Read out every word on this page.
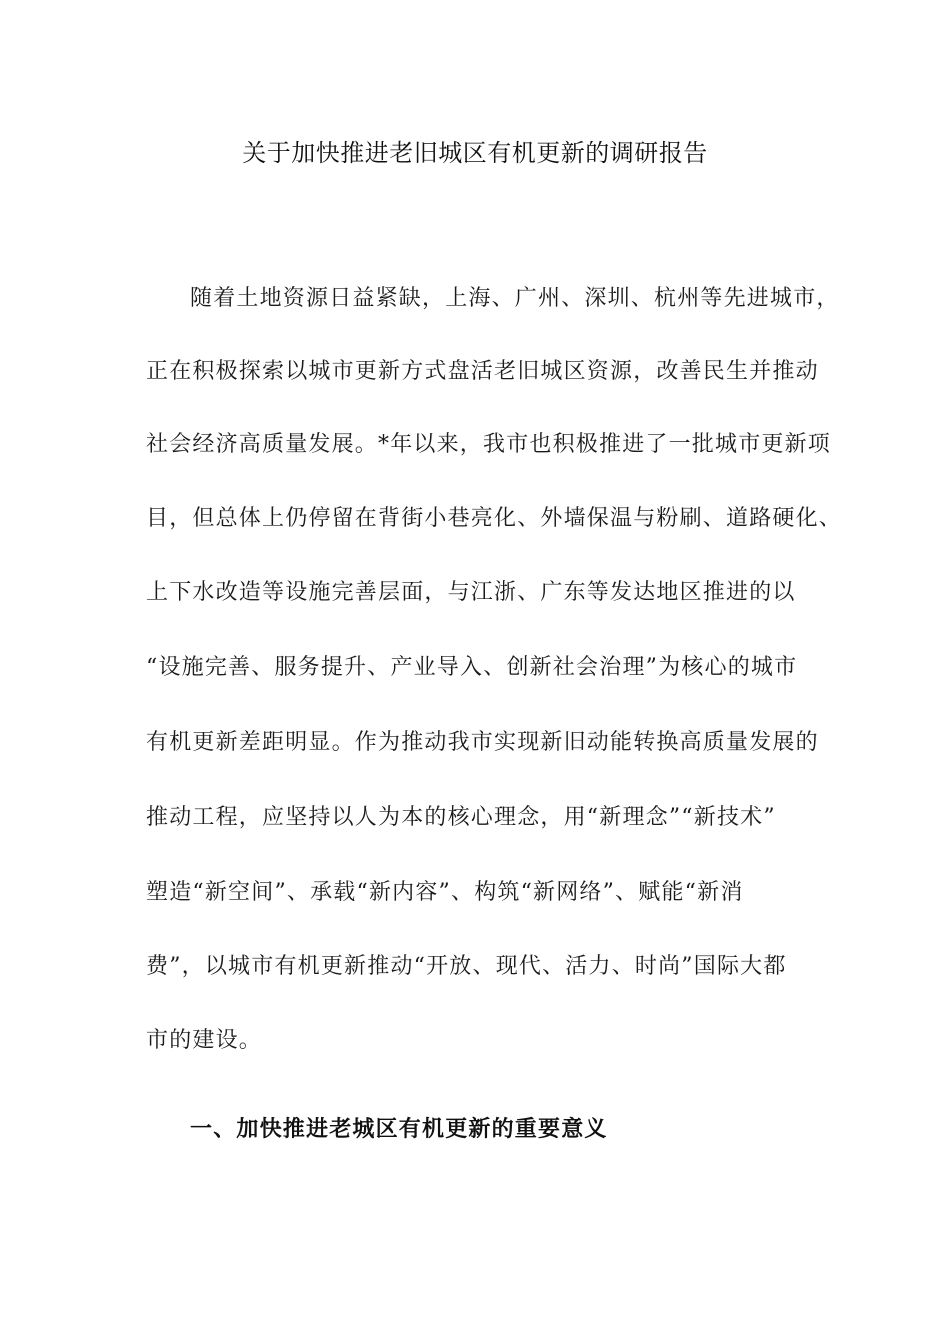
关于加快推进老旧城区有机更新的调研报告
随着土地资源日益紧缺，上海、广州、深圳、杭州等先进城市，
正在积极探索以城市更新方式盘活老旧城区资源，改善民生并推动
社会经济高质量发展。*年以来，我市也积极推进了一批城市更新项
目，但总体上仍停留在背街小巷亮化、外墙保温与粉刷、道路硬化、
上下水改造等设施完善层面，与江浙、广东等发达地区推进的以
“设施完善、服务提升、产业导入、创新社会治理”为核心的城市
有机更新差距明显。作为推动我市实现新旧动能转换高质量发展的
推动工程，应坚持以人为本的核心理念，用“新理念”“新技术”
塑造“新空间”、承载“新内容”、构筑“新网络”、赋能“新消
费”，以城市有机更新推动“开放、现代、活力、时尚”国际大都
市的建设。
一、加快推进老城区有机更新的重要意义
